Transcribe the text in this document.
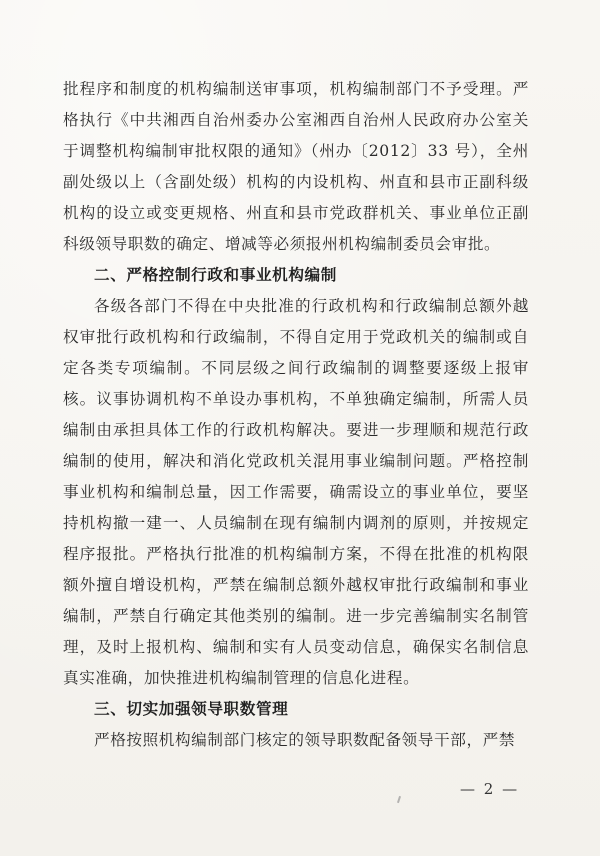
批程序和制度的机构编制送审事项，机构编制部门不予受理。严格执行《中共湘西自治州委办公室湘西自治州人民政府办公室关于调整机构编制审批权限的通知》（州办〔2012〕33 号），全州副处级以上（含副处级）机构的内设机构、州直和县市正副科级机构的设立或变更规格、州直和县市党政群机关、事业单位正副科级领导职数的确定、增减等必须报州机构编制委员会审批。

二、严格控制行政和事业机构编制

各级各部门不得在中央批准的行政机构和行政编制总额外越权审批行政机构和行政编制，不得自定用于党政机关的编制或自定各类专项编制。不同层级之间行政编制的调整要逐级上报审核。议事协调机构不单设办事机构，不单独确定编制，所需人员编制由承担具体工作的行政机构解决。要进一步理顺和规范行政编制的使用，解决和消化党政机关混用事业编制问题。严格控制事业机构和编制总量，因工作需要，确需设立的事业单位，要坚持机构撤一建一、人员编制在现有编制内调剂的原则，并按规定程序报批。严格执行批准的机构编制方案，不得在批准的机构限额外擅自增设机构，严禁在编制总额外越权审批行政编制和事业编制，严禁自行确定其他类别的编制。进一步完善编制实名制管理，及时上报机构、编制和实有人员变动信息，确保实名制信息真实准确，加快推进机构编制管理的信息化进程。

三、切实加强领导职数管理

严格按照机构编制部门核定的领导职数配备领导干部，严禁

— 2 —
